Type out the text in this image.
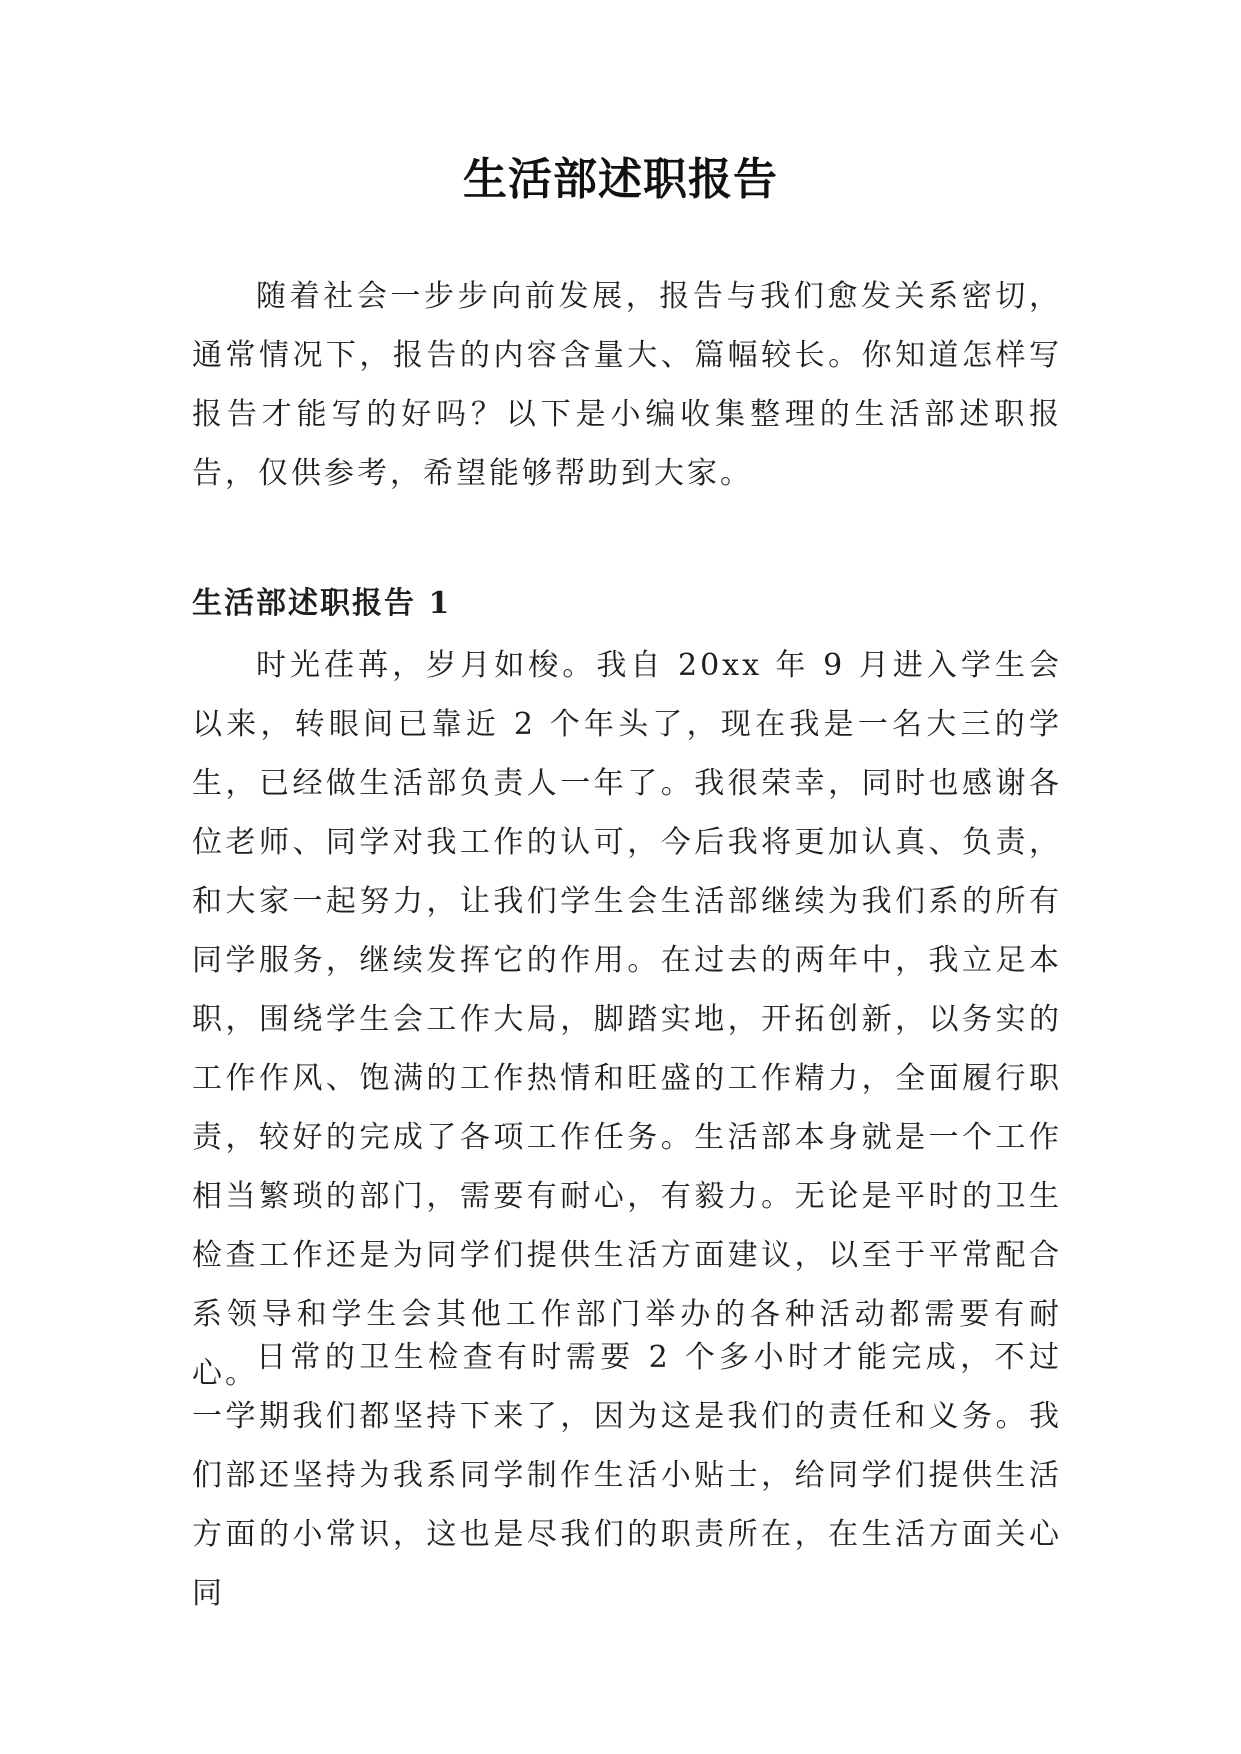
生活部述职报告

随着社会一步步向前发展，报告与我们愈发关系密切，通常情况下，报告的内容含量大、篇幅较长。你知道怎样写报告才能写的好吗？以下是小编收集整理的生活部述职报告，仅供参考，希望能够帮助到大家。

生活部述职报告 1

时光荏苒，岁月如梭。我自 20xx 年 9 月进入学生会以来，转眼间已靠近 2 个年头了，现在我是一名大三的学生，已经做生活部负责人一年了。我很荣幸，同时也感谢各位老师、同学对我工作的认可，今后我将更加认真、负责，和大家一起努力，让我们学生会生活部继续为我们系的所有同学服务，继续发挥它的作用。在过去的两年中，我立足本职，围绕学生会工作大局，脚踏实地，开拓创新，以务实的工作作风、饱满的工作热情和旺盛的工作精力，全面履行职责，较好的完成了各项工作任务。生活部本身就是一个工作相当繁琐的部门，需要有耐心，有毅力。无论是平时的卫生检查工作还是为同学们提供生活方面建议，以至于平常配合系领导和学生会其他工作部门举办的各种活动都需要有耐心。

日常的卫生检查有时需要 2 个多小时才能完成，不过一学期我们都坚持下来了，因为这是我们的责任和义务。我们部还坚持为我系同学制作生活小贴士，给同学们提供生活方面的小常识，这也是尽我们的职责所在，在生活方面关心同
